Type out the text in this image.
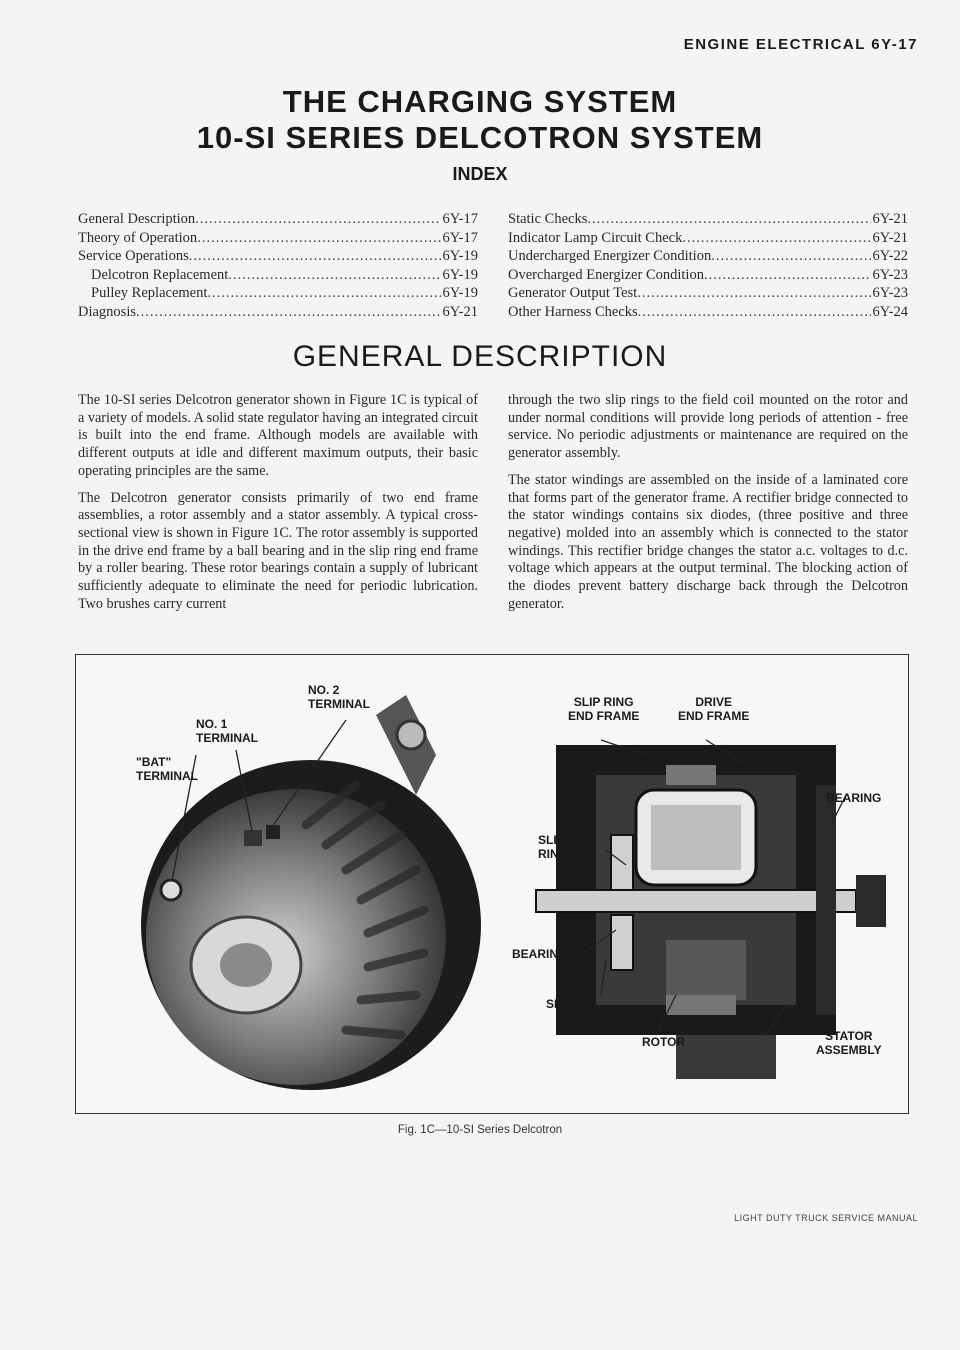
ENGINE ELECTRICAL 6Y-17
THE CHARGING SYSTEM
10-SI SERIES DELCOTRON SYSTEM
INDEX
General Description .....	6Y-17
Theory of Operation .....	6Y-17
Service Operations .....	6Y-19
Delcotron Replacement .....	6Y-19
Pulley Replacement .....	6Y-19
Diagnosis .....	6Y-21
Static Checks .....	6Y-21
Indicator Lamp Circuit Check .....	6Y-21
Undercharged Energizer Condition .....	6Y-22
Overcharged Energizer Condition .....	6Y-23
Generator Output Test .....	6Y-23
Other Harness Checks .....	6Y-24
GENERAL DESCRIPTION

The 10-SI series Delcotron generator shown in Figure 1C is typical of a variety of models. A solid state regulator having an integrated circuit is built into the end frame. Although models are available with different outputs at idle and different maximum outputs, their basic operating principles are the same.

The Delcotron generator consists primarily of two end frame assemblies, a rotor assembly and a stator assembly. A typical cross-sectional view is shown in Figure 1C. The rotor assembly is supported in the drive end frame by a ball bearing and in the slip ring end frame by a roller bearing. These rotor bearings contain a supply of lubricant sufficiently adequate to eliminate the need for periodic lubrication. Two brushes carry current

through the two slip rings to the field coil mounted on the rotor and under normal conditions will provide long periods of attention - free service. No periodic adjustments or maintenance are required on the generator assembly.

The stator windings are assembled on the inside of a laminated core that forms part of the generator frame. A rectifier bridge connected to the stator windings contains six diodes, (three positive and three negative) molded into an assembly which is connected to the stator windings. This rectifier bridge changes the stator a.c. voltages to d.c. voltage which appears at the output terminal. The blocking action of the diodes prevent battery discharge back through the Delcotron generator.

NO. 1
TERMINAL
NO. 2
TERMINAL
"BAT"
TERMINAL
SLIP RING
END FRAME
DRIVE
END FRAME
BEARING
SLIP
RINGS
BEARING
SEAL
ROTOR	STATOR
ASSEMBLY
Fig. 1C—10-SI Series Delcotron
LIGHT DUTY TRUCK SERVICE MANUAL
